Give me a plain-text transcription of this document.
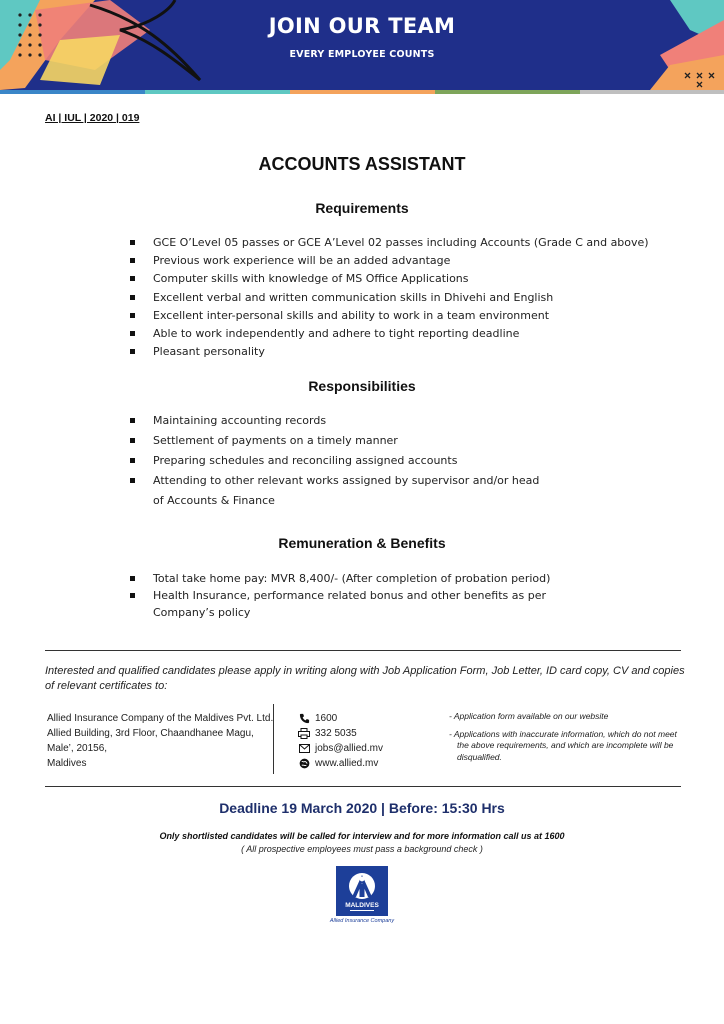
JOIN OUR TEAM
EVERY EMPLOYEE COUNTS
AI | IUL | 2020 | 019
ACCOUNTS ASSISTANT
Requirements
GCE O’Level 05 passes or GCE A’Level 02 passes including Accounts (Grade C and above)
Previous work experience will be an added advantage
Computer skills with knowledge of MS Office Applications
Excellent verbal and written communication skills in Dhivehi and English
Excellent inter-personal skills and ability to work in a team environment
Able to work independently and adhere to tight reporting deadline
Pleasant personality
Responsibilities
Maintaining accounting records
Settlement of payments on a timely manner
Preparing schedules and reconciling assigned accounts
Attending to other relevant works assigned by supervisor and/or head of Accounts & Finance
Remuneration & Benefits
Total take home pay: MVR 8,400/- (After completion of probation period)
Health Insurance, performance related bonus and other benefits as per Company’s policy
Interested and qualified candidates please apply in writing along with Job Application Form, Job Letter, ID card copy, CV and copies of relevant certificates to:
Allied Insurance Company of the Maldives Pvt. Ltd.
Allied Building, 3rd Floor, Chaandhanee Magu,
Male’, 20156,
Maldives
1600
332 5035
jobs@allied.mv
www.allied.mv

- Application form available on our website

- Applications with inaccurate information, which do not meet the above requirements, and which are incomplete will be disqualified.

Deadline 19 March 2020 | Before: 15:30 Hrs
Only shortlisted candidates will be called for interview and for more information call us at 1600
( All prospective employees must pass a background check )
MALDIVES
Allied Insurance Company
